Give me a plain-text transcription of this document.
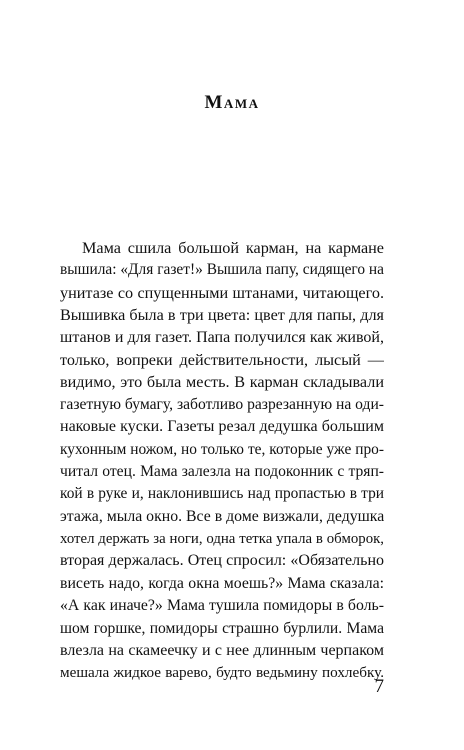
Мама
Мама сшила большой карман, на кармане
вышила: «Для газет!» Вышила папу, сидящего на
унитазе со спущенными штанами, читающего.
Вышивка была в три цвета: цвет для папы, для
штанов и для газет. Папа получился как живой,
только, вопреки действительности, лысый —
видимо, это была месть. В карман складывали
газетную бумагу, заботливо разрезанную на оди-
наковые куски. Газеты резал дедушка большим
кухонным ножом, но только те, которые уже про-
читал отец. Мама залезла на подоконник с тряп-
кой в руке и, наклонившись над пропастью в три
этажа, мыла окно. Все в доме визжали, дедушка
хотел держать за ноги, одна тетка упала в обморок,
вторая держалась. Отец спросил: «Обязательно
висеть надо, когда окна моешь?» Мама сказала:
«А как иначе?» Мама тушила помидоры в боль-
шом горшке, помидоры страшно бурлили. Мама
влезла на скамеечку и с нее длинным черпаком
мешала жидкое варево, будто ведьмину похлебку.
7
